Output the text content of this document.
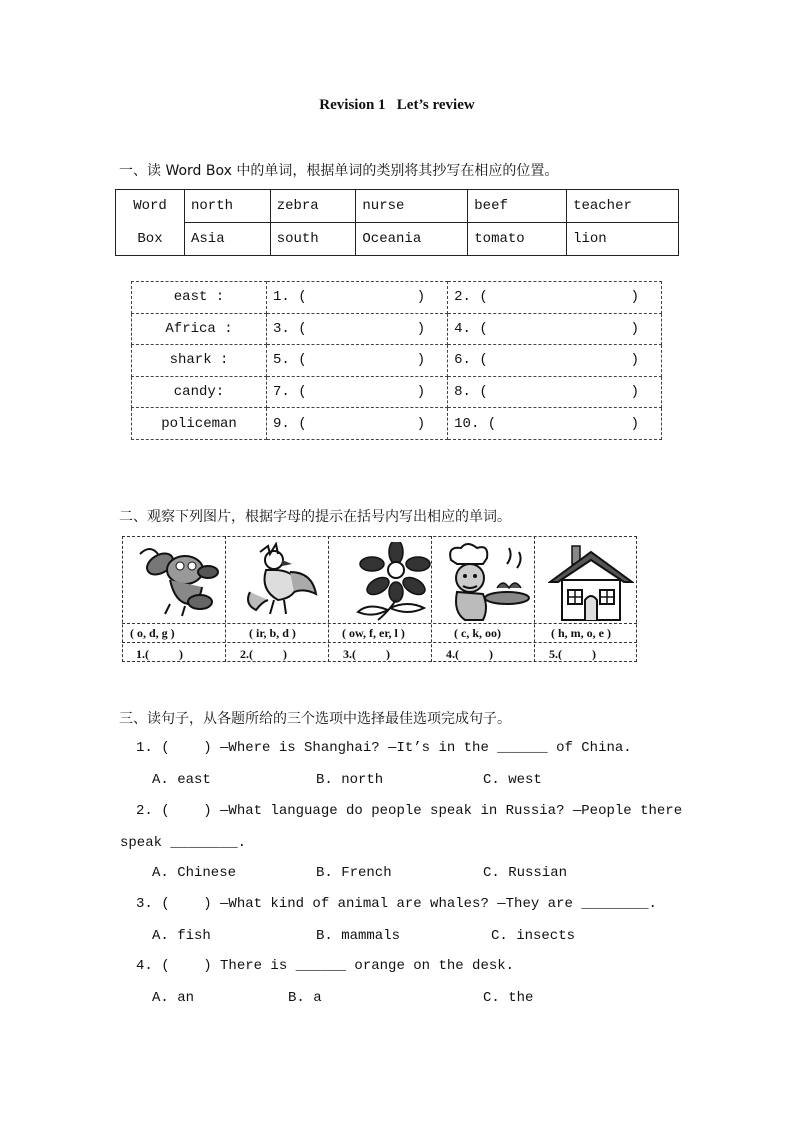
Revision 1   Let’s review
一、读 Word Box 中的单词，根据单词的类别将其抄写在相应的位置。
Word	north	zebra	nurse	beef	teacher
Box	Asia	south	Oceania	tomato	lion
east :	1. ( )	2. ( )

Africa :	3. ( )	4. ( )

shark :	5. ( )	6. ( )

candy:	7. ( )	8. ( )

policeman	9. ( )	10. ( )
二、观察下列图片，根据字母的提示在括号内写出相应的单词。
( o, d, g )	( ir, b, d )	( ow, f, er, l )	( c, k, oo)	( h, m, o, e )
1.(          )	2.(          )	3.(          )	4.(          )	5.(          )
三、读句子，从各题所给的三个选项中选择最佳选项完成句子。
1. (    ) —Where is Shanghai? —It’s in the ______ of China.
A. east	B. north	C. west
2. (    ) —What language do people speak in Russia? —People there
speak ________.
A. Chinese	B. French	C. Russian
3. (    ) —What kind of animal are whales? —They are ________.
A. fish	B. mammals	C. insects
4. (    ) There is ______ orange on the desk.
A. an	B. a	C. the
